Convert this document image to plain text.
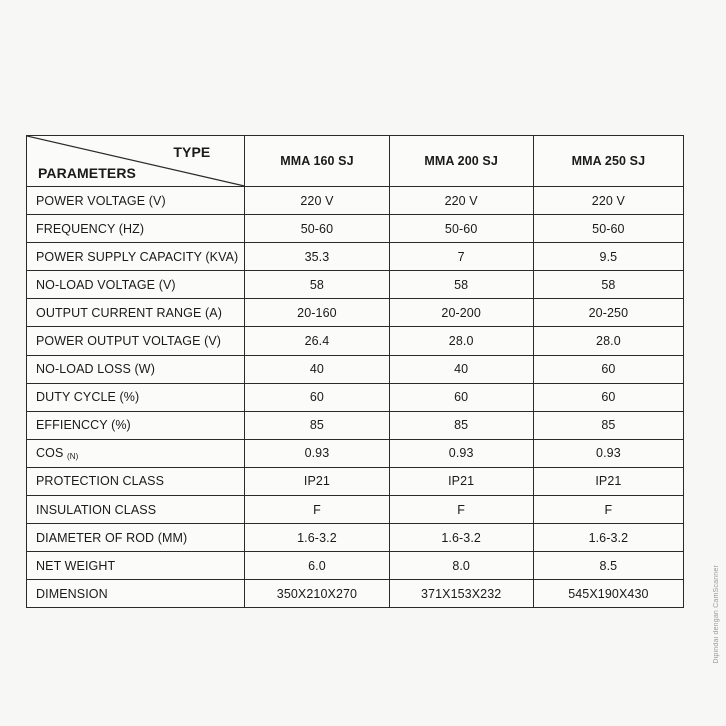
TYPE
PARAMETERS	MMA 160 SJ	MMA 200 SJ	MMA 250 SJ
POWER VOLTAGE (V)	220 V	220 V	220 V
FREQUENCY (HZ)	50-60	50-60	50-60
POWER SUPPLY CAPACITY (KVA)	35.3	7	9.5
NO-LOAD VOLTAGE (V)	58	58	58
OUTPUT CURRENT RANGE (A)	20-160	20-200	20-250
POWER OUTPUT VOLTAGE (V)	26.4	28.0	28.0
NO-LOAD LOSS (W)	40	40	60
DUTY CYCLE (%)	60	60	60
EFFIENCCY (%)	85	85	85
COS $_{(N)}$	0.93	0.93	0.93
PROTECTION CLASS	IP21	IP21	IP21
INSULATION CLASS	F	F	F
DIAMETER OF ROD (MM)	1.6-3.2	1.6-3.2	1.6-3.2
NET WEIGHT	6.0	8.0	8.5
DIMENSION	350X210X270	371X153X232	545X190X430	Dipindai dengan CamScanner
